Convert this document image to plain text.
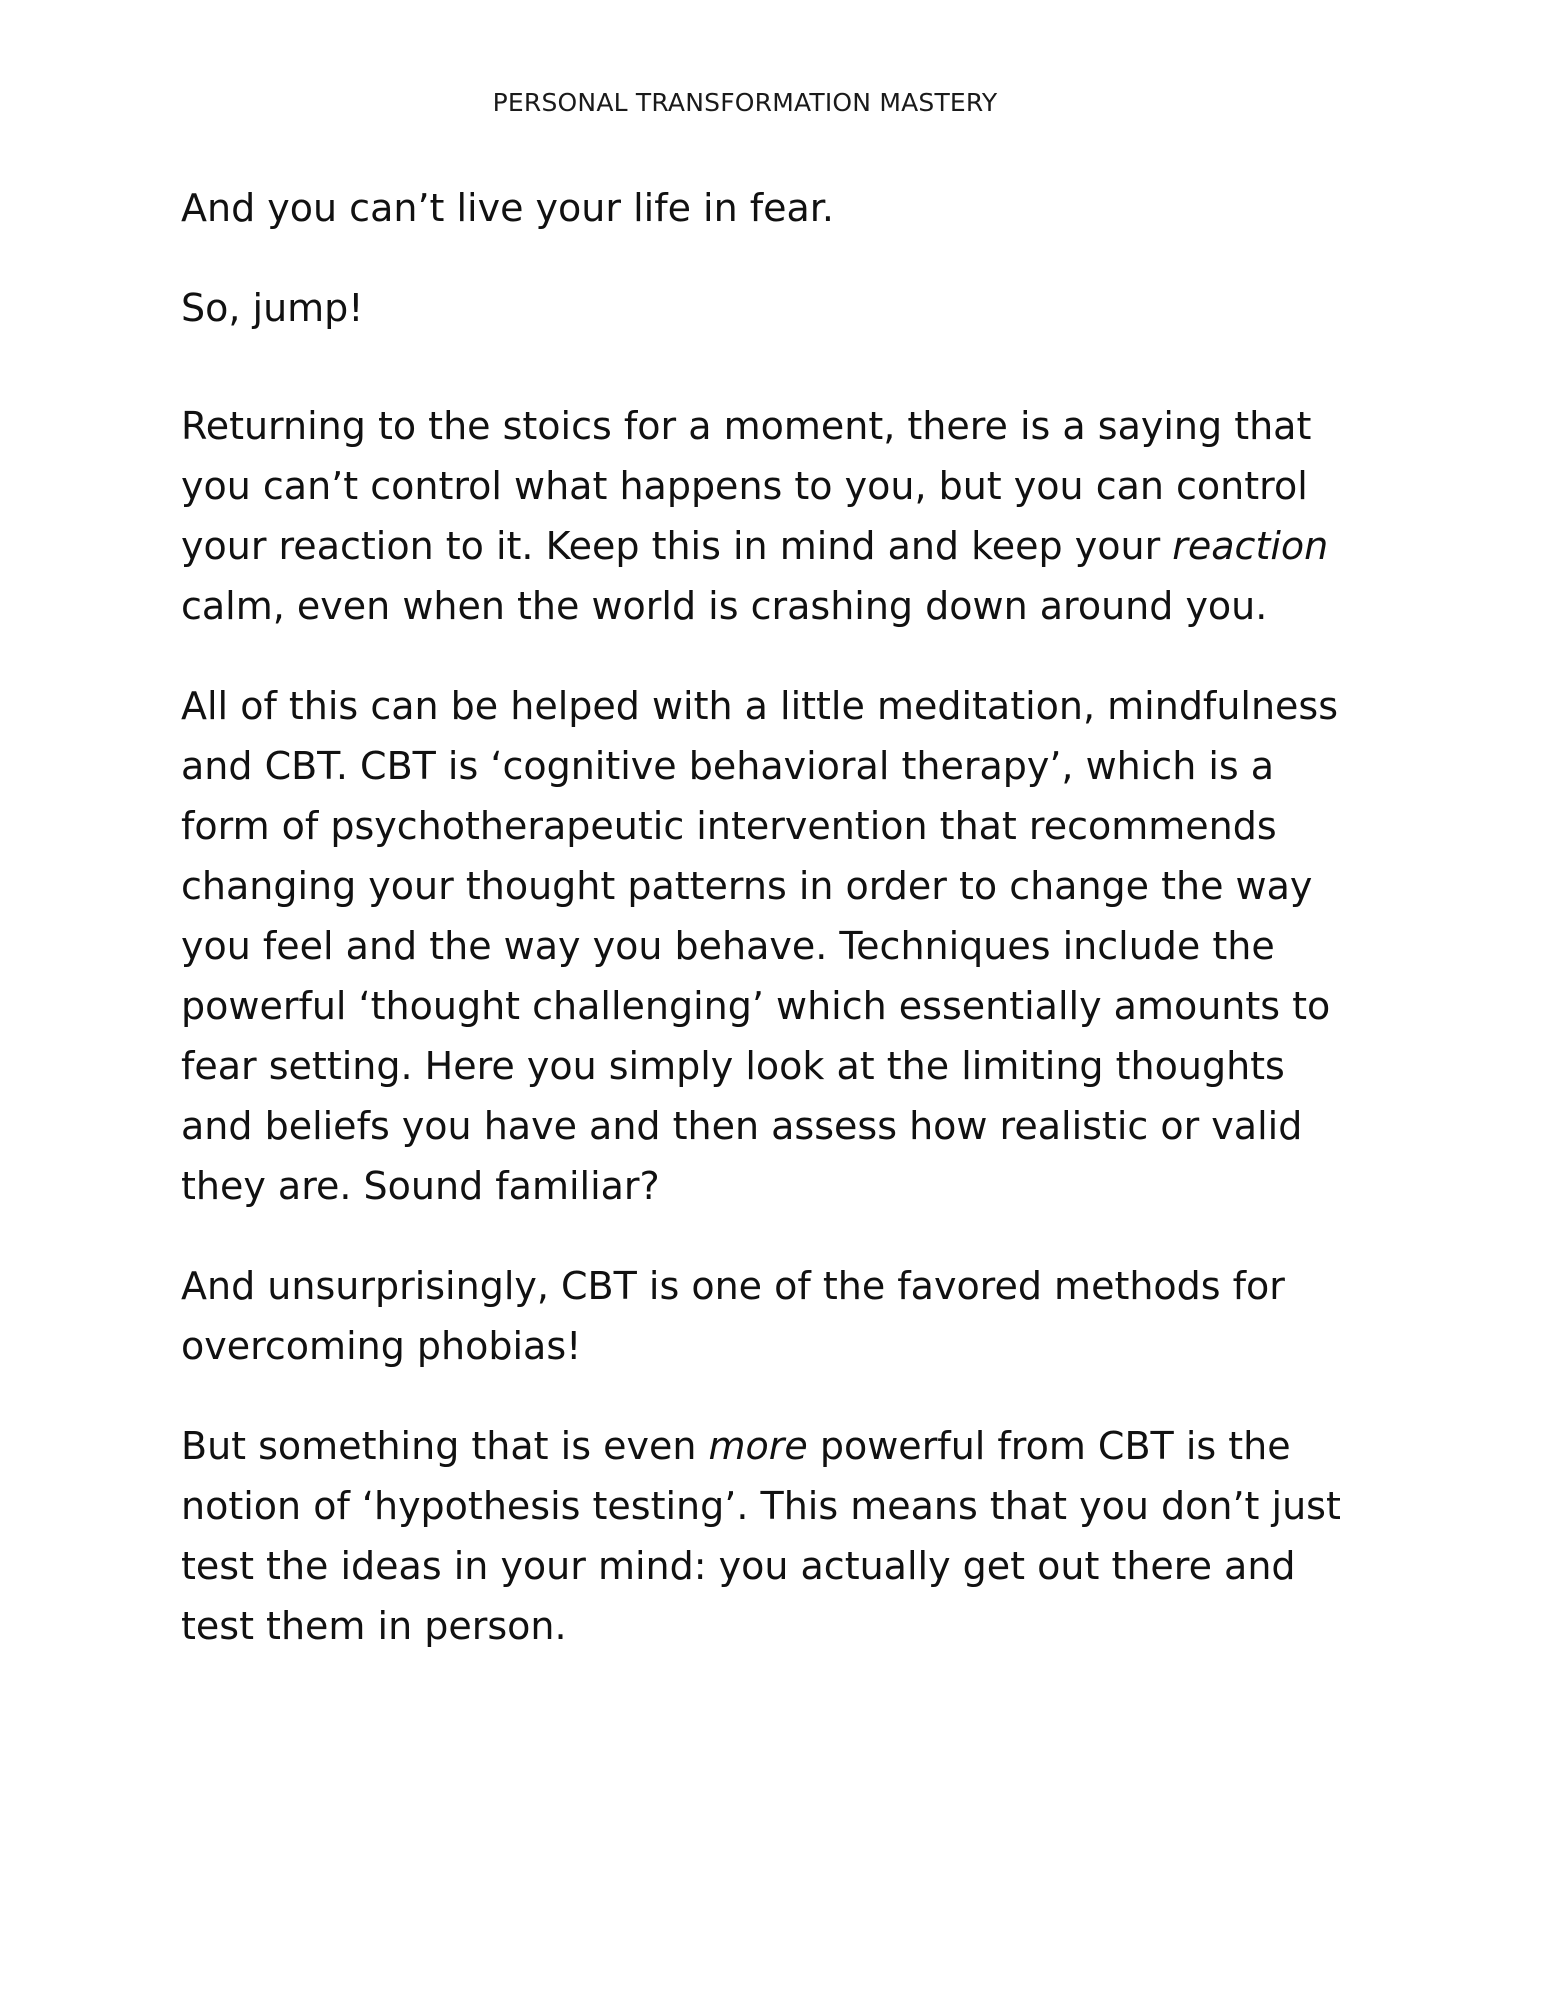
PERSONAL TRANSFORMATION MASTERY

And you can’t live your life in fear.

So, jump!

Returning to the stoics for a moment, there is a saying that you can’t control what happens to you, but you can control your reaction to it. Keep this in mind and keep your reaction calm, even when the world is crashing down around you.

All of this can be helped with a little meditation, mindfulness and CBT. CBT is ‘cognitive behavioral therapy’, which is a form of psychotherapeutic intervention that recommends changing your thought patterns in order to change the way you feel and the way you behave. Techniques include the powerful ‘thought challenging’ which essentially amounts to fear setting. Here you simply look at the limiting thoughts and beliefs you have and then assess how realistic or valid they are. Sound familiar?

And unsurprisingly, CBT is one of the favored methods for overcoming phobias!

But something that is even more powerful from CBT is the notion of ‘hypothesis testing’. This means that you don’t just test the ideas in your mind: you actually get out there and test them in person.
